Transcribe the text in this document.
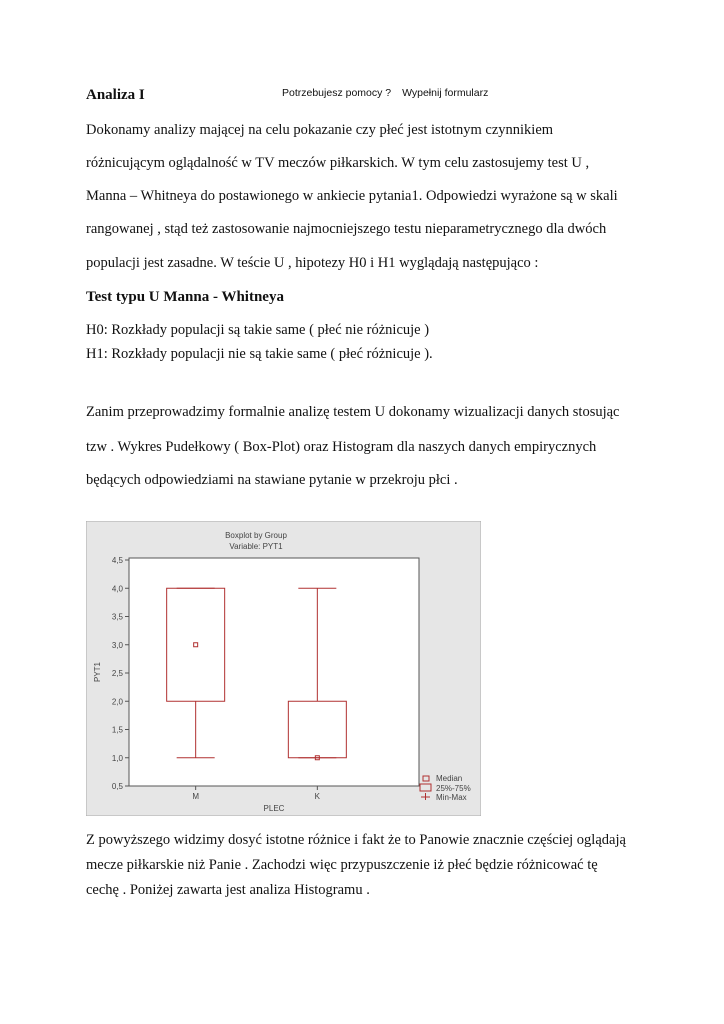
Analiza I	Potrzebujesz pomocy ? Wypełnij formularz
Dokonamy analizy mającej na celu pokazanie czy płeć jest istotnym czynnikiem
różnicującym oglądalność w TV meczów piłkarskich. W tym celu zastosujemy test U ,
Manna – Whitneya do postawionego w ankiecie pytania1. Odpowiedzi wyrażone są w skali
rangowanej , stąd też zastosowanie najmocniejszego testu nieparametrycznego dla dwóch
populacji jest zasadne. W teście U , hipotezy H0 i H1 wyglądają następująco :
Test typu U Manna - Whitneya
H0: Rozkłady populacji są takie same ( płeć nie różnicuje )
H1: Rozkłady populacji nie są takie same ( płeć różnicuje ).
Zanim przeprowadzimy formalnie analizę testem U dokonamy wizualizacji danych stosując
tzw . Wykres Pudełkowy ( Box-Plot) oraz Histogram dla naszych danych empirycznych
będących odpowiedziami na stawiane pytanie w przekroju płci .
Boxplot by Group
Variable: PYT1
PLEC
PYT1
0,5
1,0
1,5
2,0
2,5
3,0
3,5
4,0
4,5
M	K
Median
25%-75%
Min-Max
Z powyższego widzimy dosyć istotne różnice i fakt że to Panowie znacznie częściej oglądają
mecze piłkarskie niż Panie . Zachodzi więc przypuszczenie iż płeć będzie różnicować tę
cechę . Poniżej zawarta jest analiza Histogramu .
